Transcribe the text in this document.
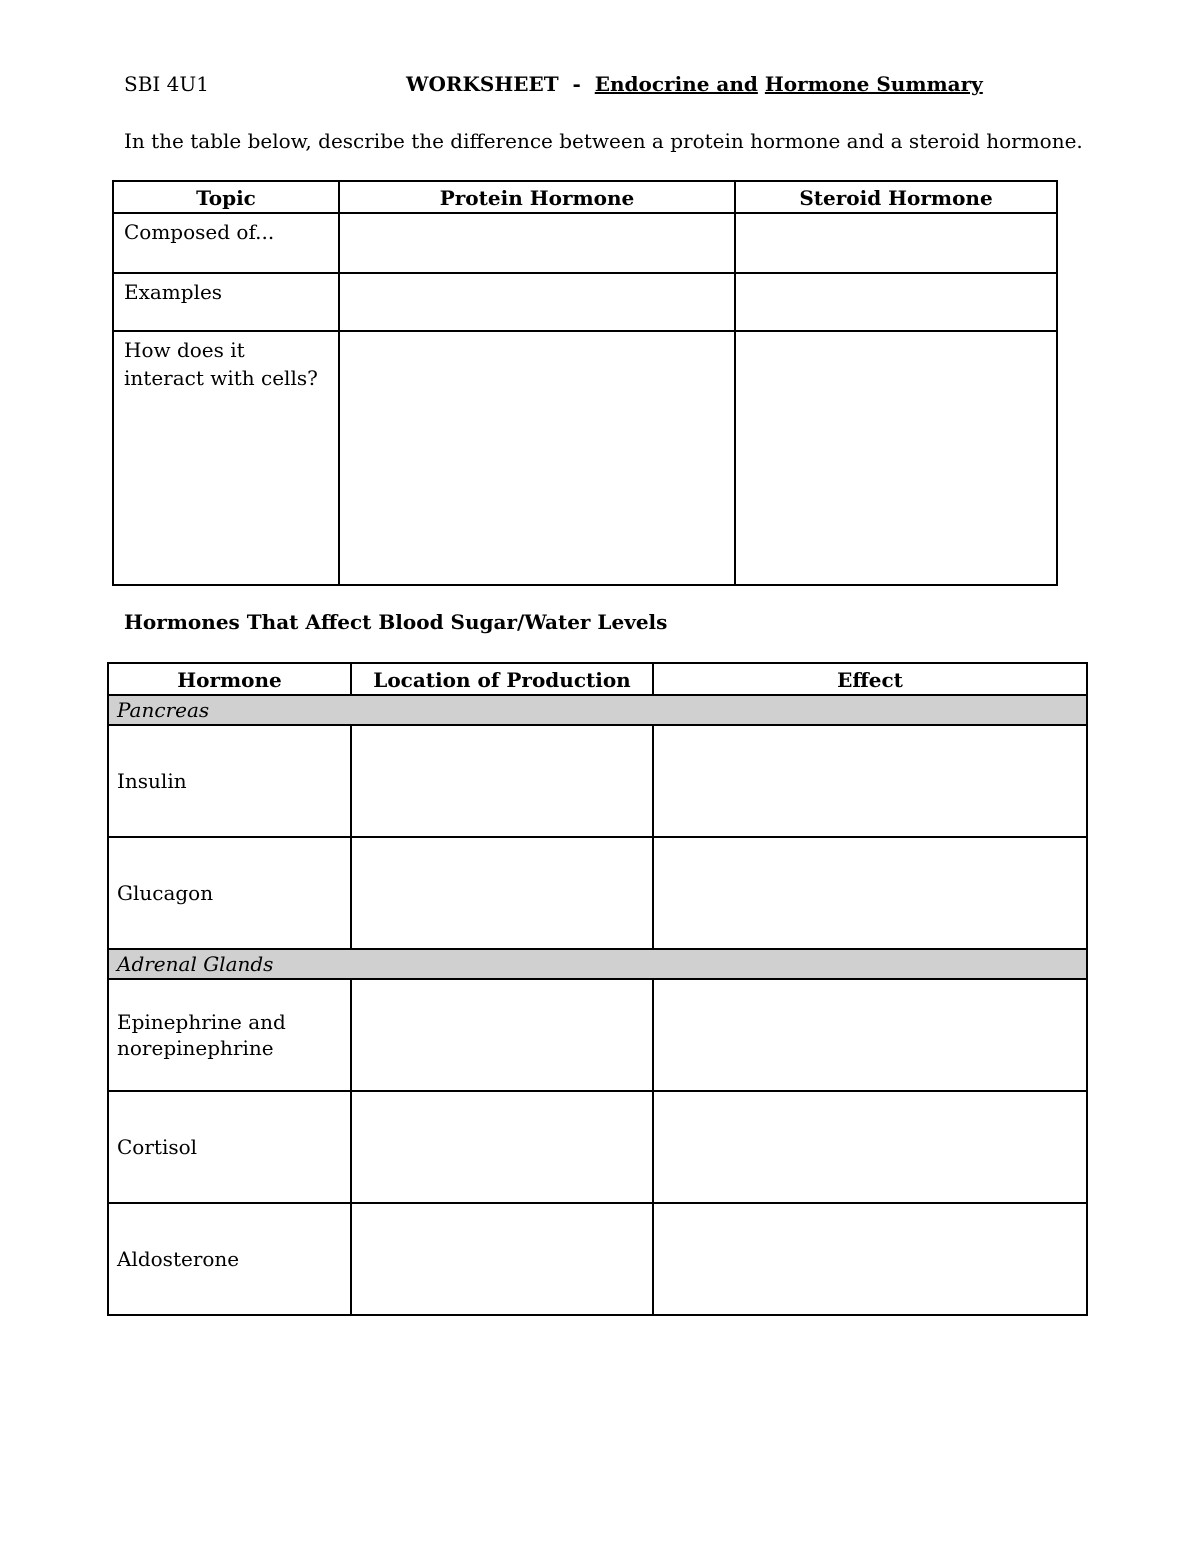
SBI 4U1	WORKSHEET  -  Endocrine and Hormone Summary
In the table below, describe the difference between a protein hormone and a steroid hormone.
Topic	Protein Hormone	Steroid Hormone
Composed of...		
Examples		
How does it interact with cells?		
Hormones That Affect Blood Sugar/Water Levels
Hormone	Location of Production	Effect
Pancreas		
Insulin		
Glucagon		
Adrenal Glands		
Epinephrine and norepinephrine		
Cortisol		
Aldosterone		
